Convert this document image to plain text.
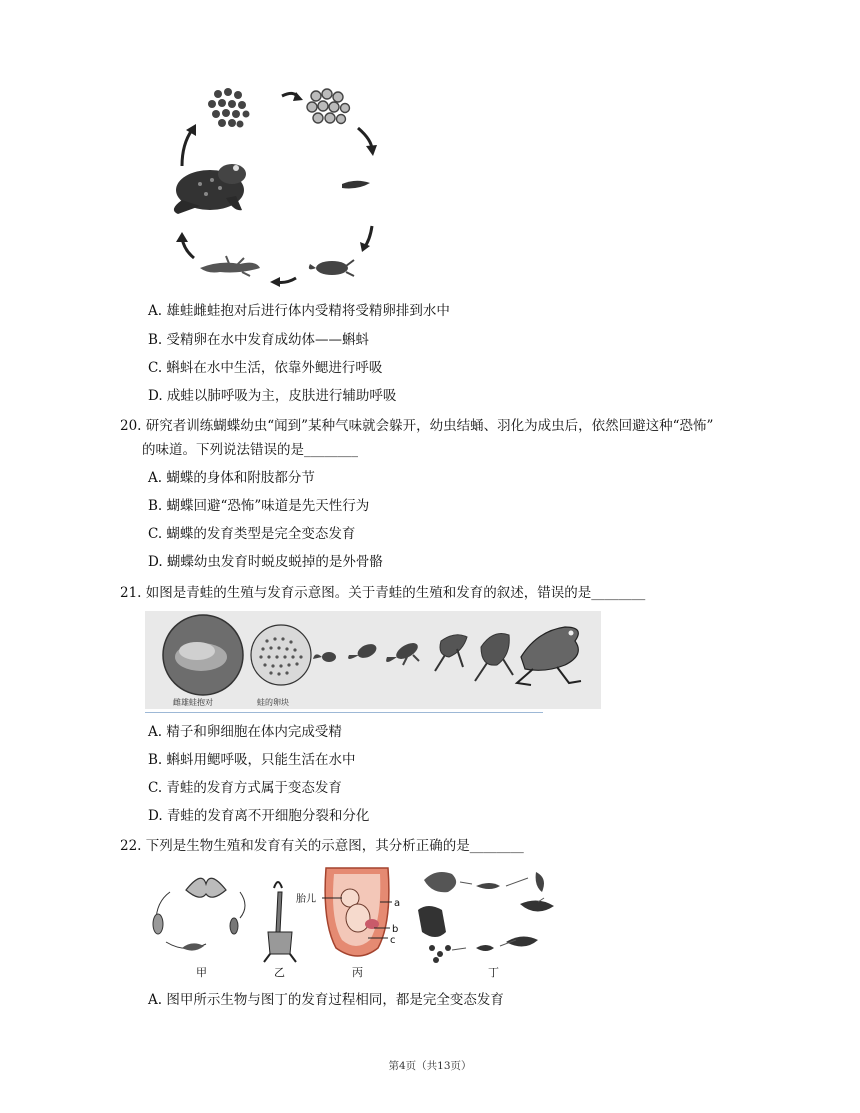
A. 雄蛙雌蛙抱对后进行体内受精将受精卵排到水中
B. 受精卵在水中发育成幼体——蝌蚪
C. 蝌蚪在水中生活，依靠外鳃进行呼吸
D. 成蛙以肺呼吸为主，皮肤进行辅助呼吸
20. 研究者训练蝴蝶幼虫“闻到”某种气味就会躲开，幼虫结蛹、羽化为成虫后，依然回避这种“恐怖”
的味道。下列说法错误的是________
A. 蝴蝶的身体和附肢都分节
B. 蝴蝶回避“恐怖”味道是先天性行为
C. 蝴蝶的发育类型是完全变态发育
D. 蝴蝶幼虫发育时蜕皮蜕掉的是外骨骼
21. 如图是青蛙的生殖与发育示意图。关于青蛙的生殖和发育的叙述，错误的是________
雌雄蛙抱对	蛙的卵块
A. 精子和卵细胞在体内完成受精
B. 蝌蚪用鳃呼吸，只能生活在水中
C. 青蛙的发育方式属于变态发育
D. 青蛙的发育离不开细胞分裂和分化
22. 下列是生物生殖和发育有关的示意图，其分析正确的是________
甲	乙
胎儿	a
b
c
丙	丁
A. 图甲所示生物与图丁的发育过程相同，都是完全变态发育
第4页（共13页）
